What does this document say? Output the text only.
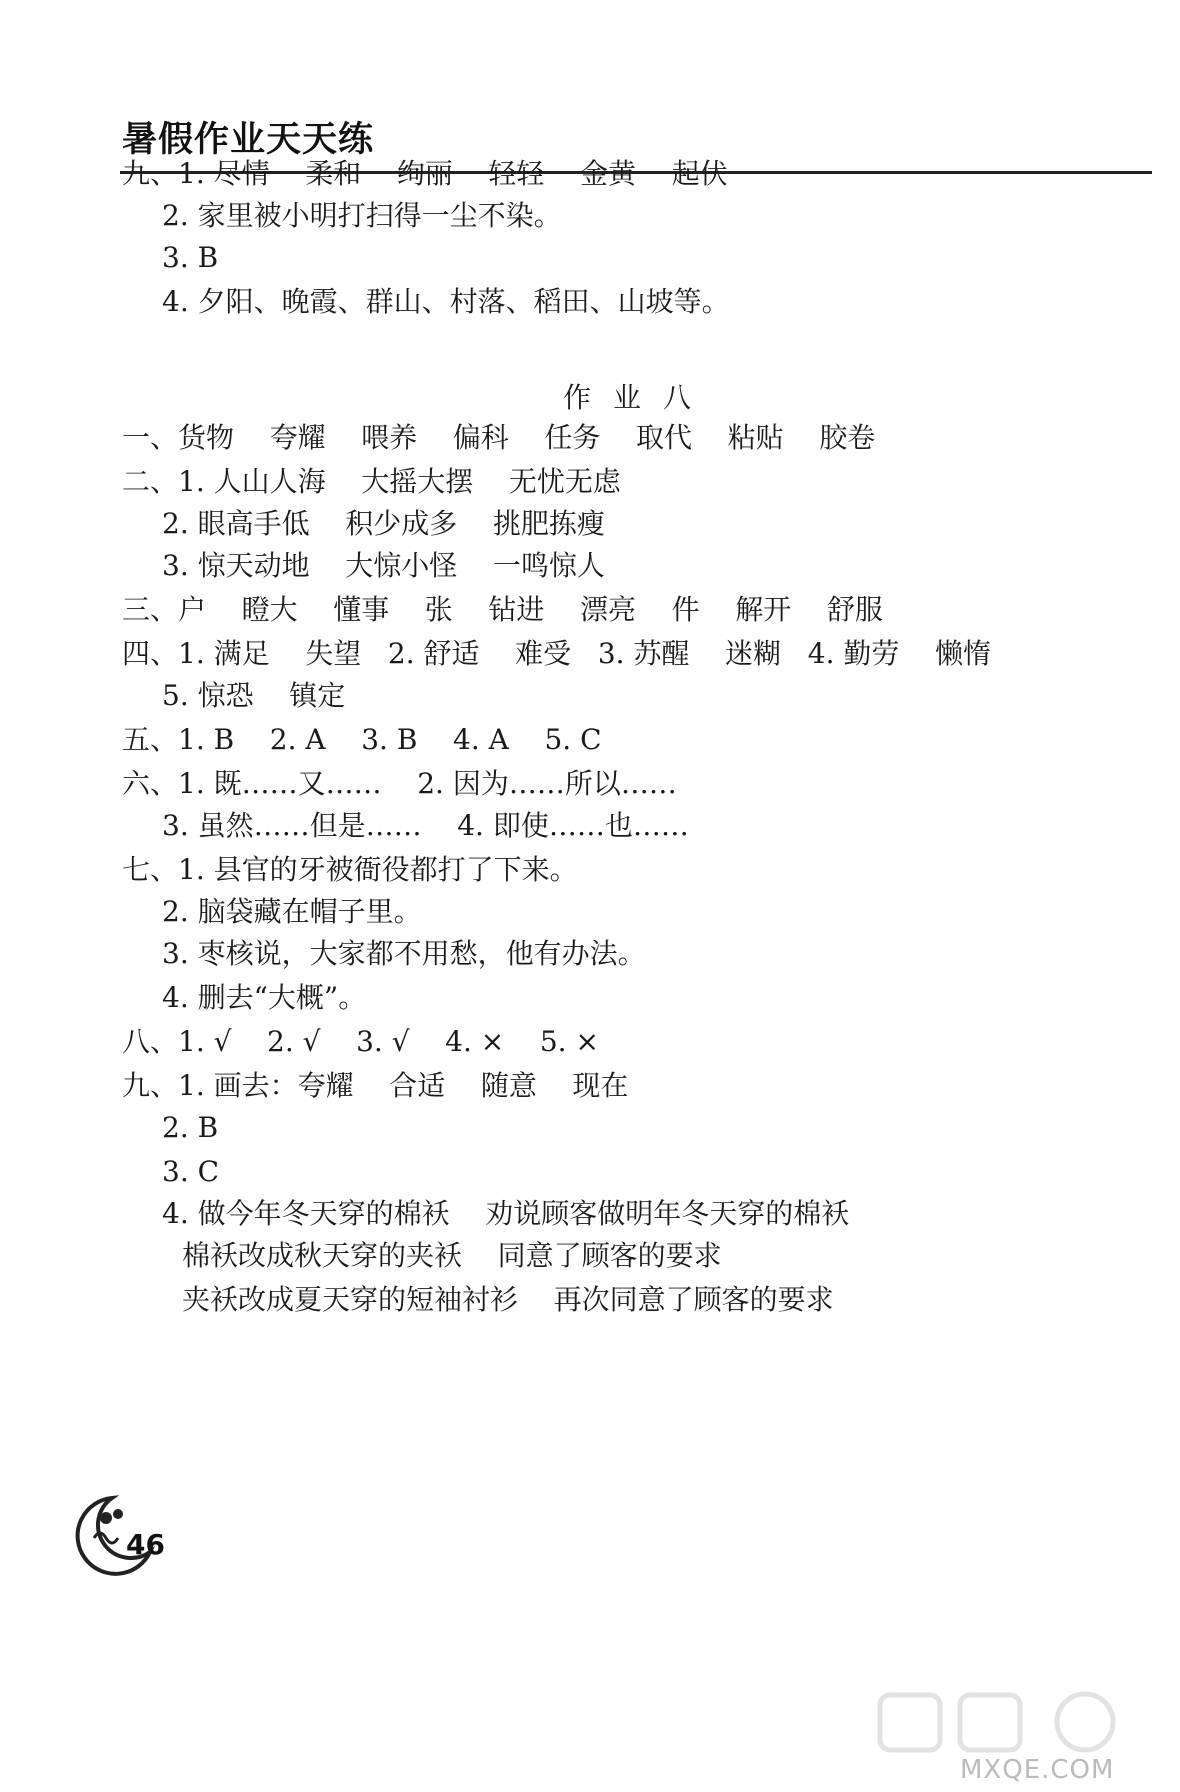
暑假作业天天练
九、1. 尽情    柔和    绚丽    轻轻    金黄    起伏
2. 家里被小明打扫得一尘不染。
3. B
4. 夕阳、晚霞、群山、村落、稻田、山坡等。
作业八
一、货物    夸耀    喂养    偏科    任务    取代    粘贴    胶卷
二、1. 人山人海    大摇大摆    无忧无虑
2. 眼高手低    积少成多    挑肥拣瘦
3. 惊天动地    大惊小怪    一鸣惊人
三、户    瞪大    懂事    张    钻进    漂亮    件    解开    舒服
四、1. 满足    失望   2. 舒适    难受   3. 苏醒    迷糊   4. 勤劳    懒惰
5. 惊恐    镇定
五、1. B    2. A    3. B    4. A    5. C
六、1. 既……又……    2. 因为……所以……
3. 虽然……但是……    4. 即使……也……
七、1. 县官的牙被衙役都打了下来。
2. 脑袋藏在帽子里。
3. 枣核说，大家都不用愁，他有办法。
4. 删去“大概”。
八、1. √    2. √    3. √    4. ×    5. ×
九、1. 画去：夸耀    合适    随意    现在
2. B
3. C
4. 做今年冬天穿的棉袄    劝说顾客做明年冬天穿的棉袄
棉袄改成秋天穿的夹袄    同意了顾客的要求
夹袄改成夏天穿的短袖衬衫    再次同意了顾客的要求
46
MXQE.COM
